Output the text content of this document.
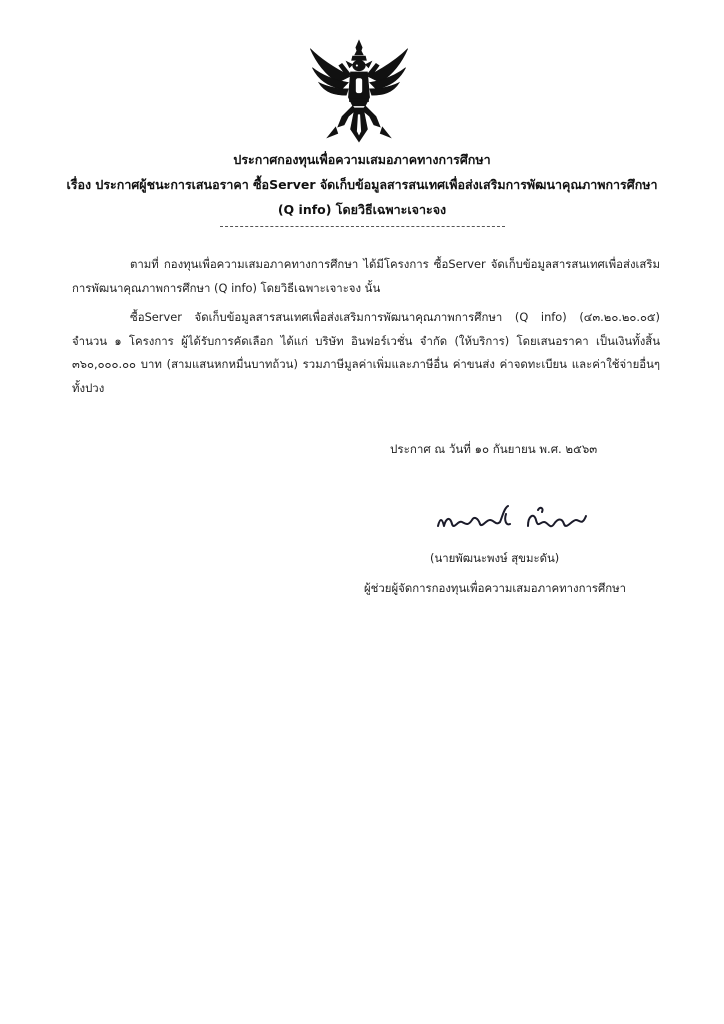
ประกาศกองทุนเพื่อความเสมอภาคทางการศึกษา
เรื่อง ประกาศผู้ชนะการเสนอราคา ซื้อServer จัดเก็บข้อมูลสารสนเทศเพื่อส่งเสริมการพัฒนาคุณภาพการศึกษา
(Q info) โดยวิธีเฉพาะเจาะจง

ตามที่ กองทุนเพื่อความเสมอภาคทางการศึกษา ได้มีโครงการ ซื้อServer จัดเก็บข้อมูลสารสนเทศเพื่อส่งเสริมการพัฒนาคุณภาพการศึกษา (Q info) โดยวิธีเฉพาะเจาะจง นั้น

ซื้อServer จัดเก็บข้อมูลสารสนเทศเพื่อส่งเสริมการพัฒนาคุณภาพการศึกษา (Q info) (๔๓.๒๐.๒๐.๐๕) จำนวน ๑ โครงการ ผู้ได้รับการคัดเลือก ได้แก่ บริษัท อินฟอร์เวชั่น จำกัด (ให้บริการ) โดยเสนอราคา เป็นเงินทั้งสิ้น ๓๖๐,๐๐๐.๐๐ บาท (สามแสนหกหมื่นบาทถ้วน) รวมภาษีมูลค่าเพิ่มและภาษีอื่น ค่าขนส่ง ค่าจดทะเบียน และค่าใช้จ่ายอื่นๆ ทั้งปวง

ประกาศ ณ วันที่ ๑๐ กันยายน พ.ศ. ๒๕๖๓
(นายพัฒนะพงษ์ สุขมะดัน)
ผู้ช่วยผู้จัดการกองทุนเพื่อความเสมอภาคทางการศึกษา
